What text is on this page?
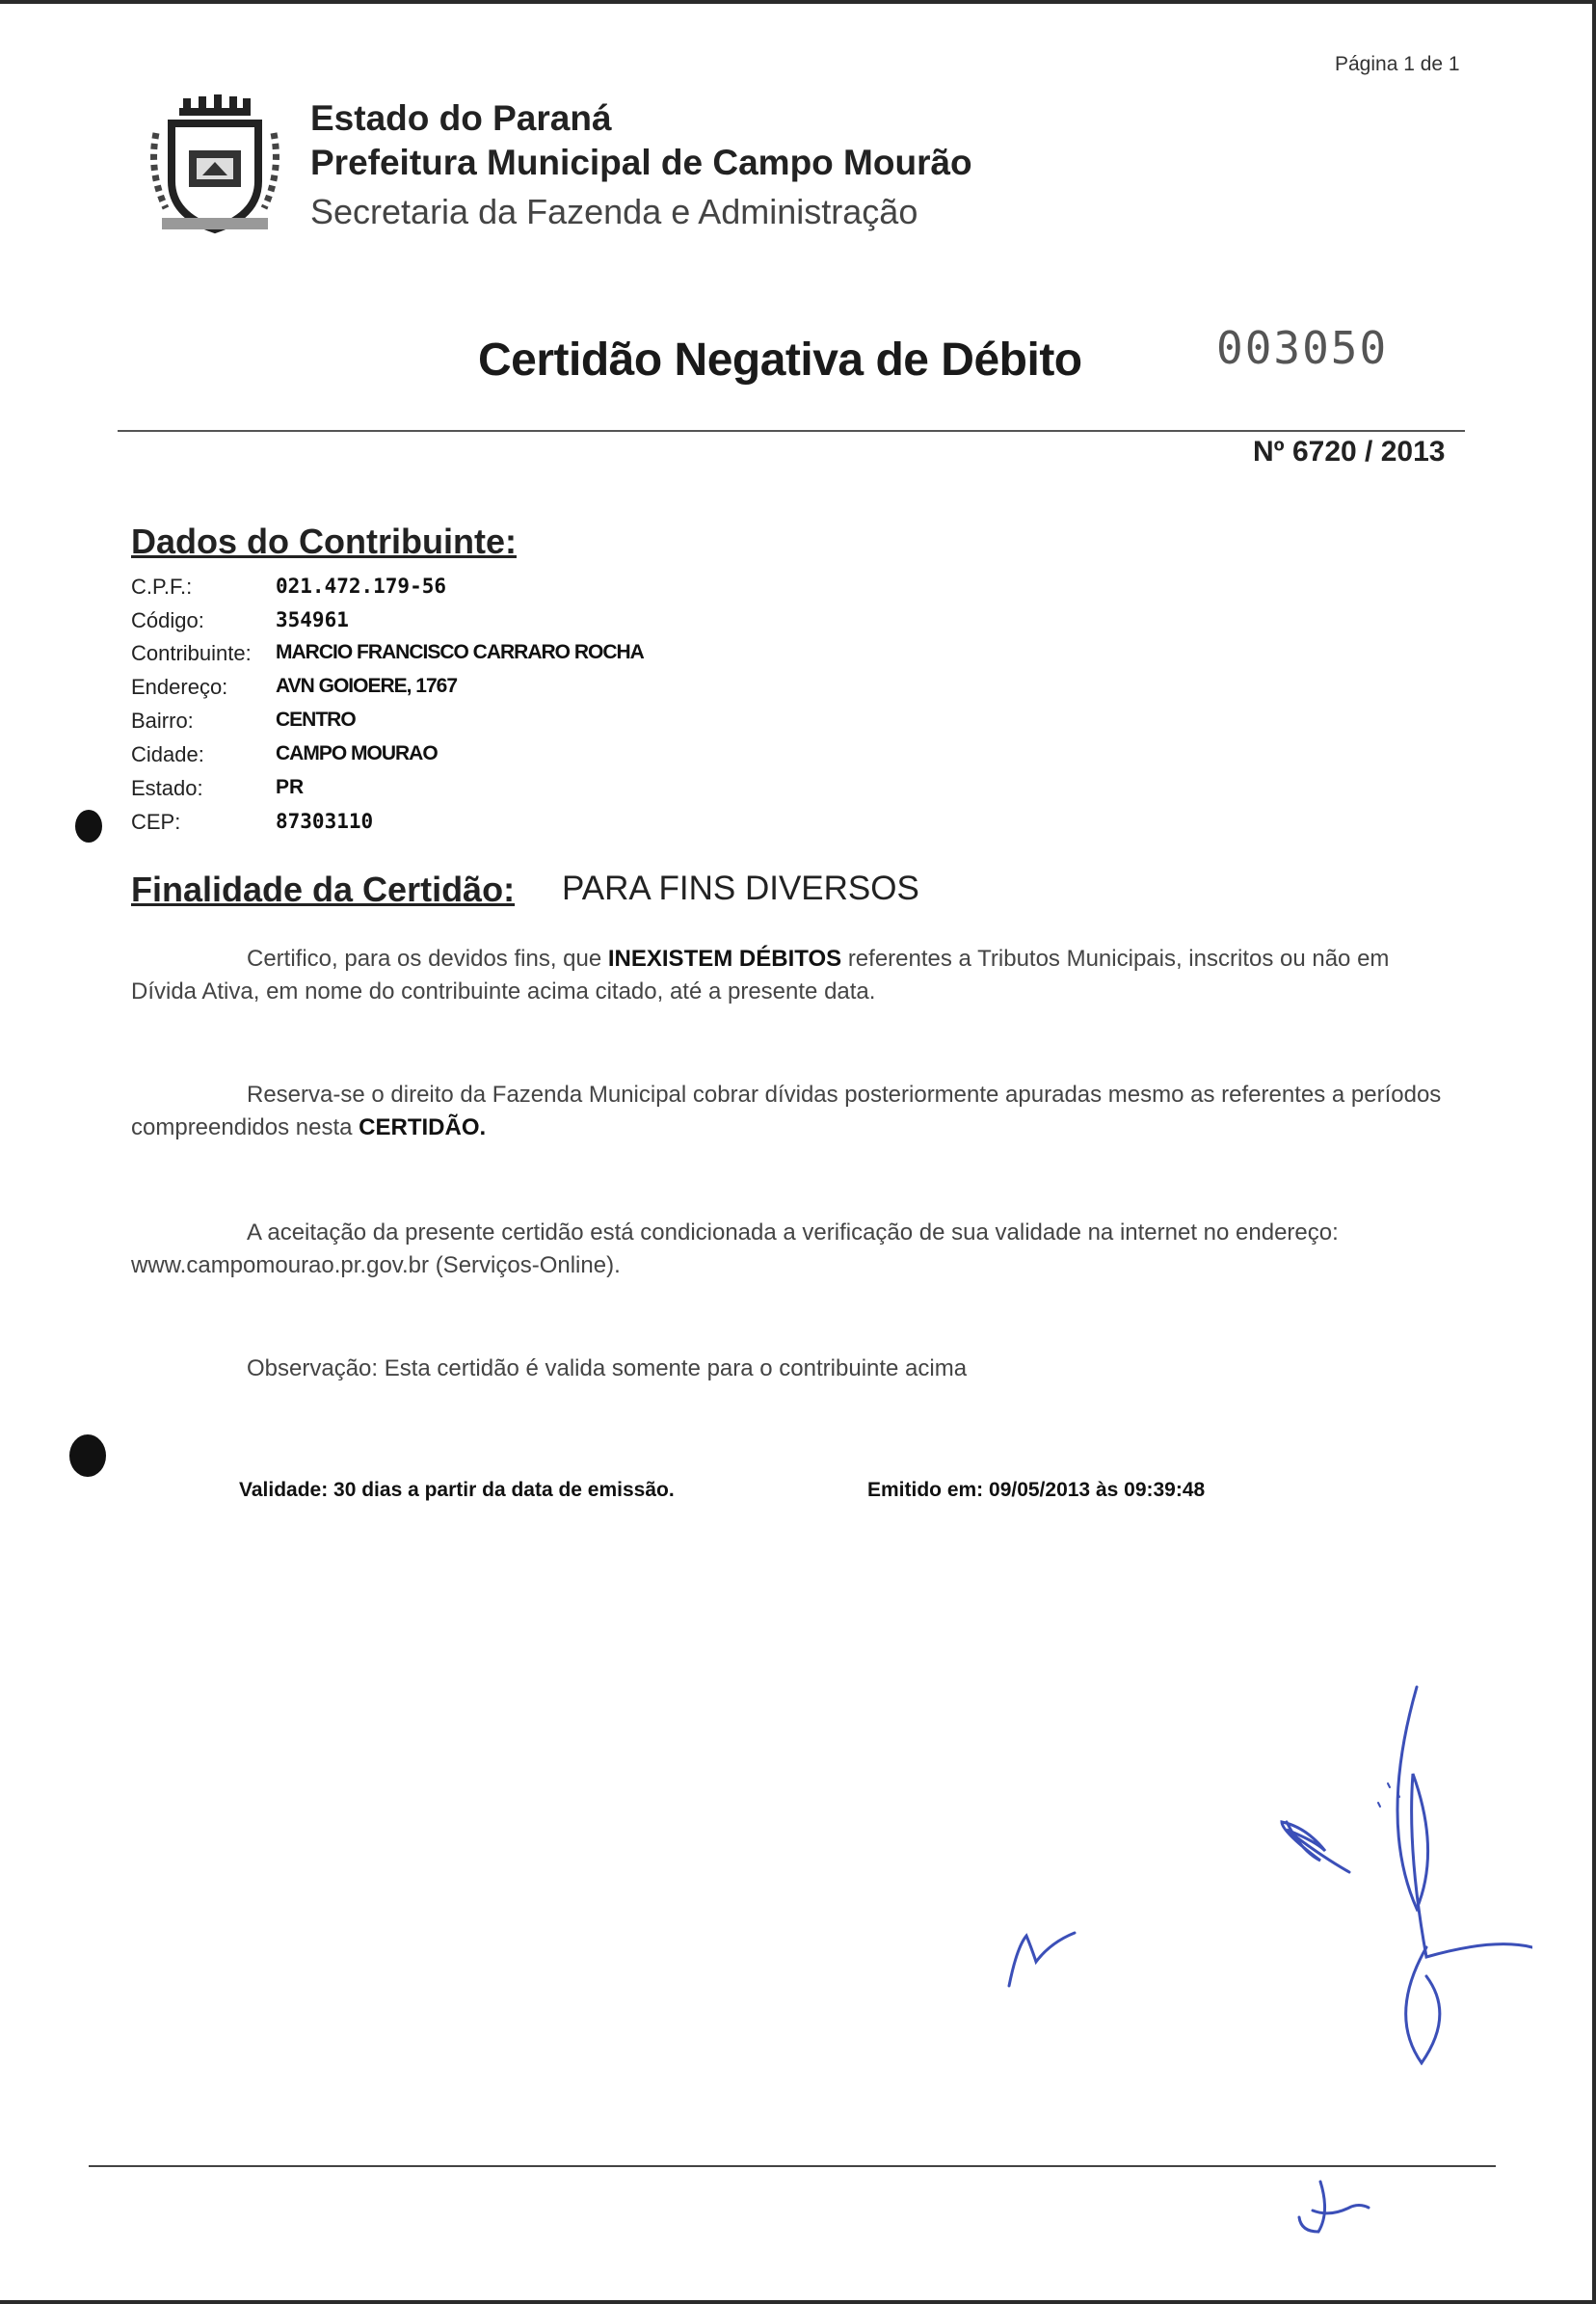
Página 1 de 1
Estado do Paraná
Prefeitura Municipal de Campo Mourão
Secretaria da Fazenda e Administração
Certidão Negativa de Débito	003050
Nº 6720 / 2013
Dados do Contribuinte:
C.P.F.:	021.472.179-56
Código:	354961
Contribuinte: MARCIO FRANCISCO CARRARO ROCHA
Endereço: AVN GOIOERE, 1767
Bairro:	CENTRO
Cidade:	CAMPO MOURAO
Estado:	PR
CEP:	87303110
Finalidade da Certidão: PARA FINS DIVERSOS
Certifico, para os devidos fins, que INEXISTEM DÉBITOS referentes a Tributos Municipais, inscritos ou não em Dívida Ativa, em nome do contribuinte acima citado, até a presente data.
Reserva-se o direito da Fazenda Municipal cobrar dívidas posteriormente apuradas mesmo as referentes a períodos compreendidos nesta CERTIDÃO.
A aceitação da presente certidão está condicionada a verificação de sua validade na internet no endereço: www.campomourao.pr.gov.br (Serviços-Online).
Observação: Esta certidão é valida somente para o contribuinte acima
Validade: 30 dias a partir da data de emissão.	Emitido em: 09/05/2013 às 09:39:48
